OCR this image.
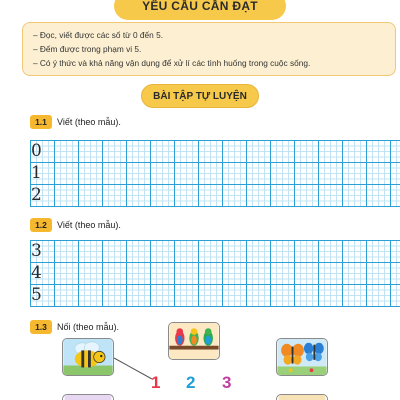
YÊU CẦU CẦN ĐẠT
– Đọc, viết được các số từ 0 đến 5.
– Đếm được trong phạm vi 5.
– Có ý thức và khả năng vận dụng để xử lí các tình huống trong cuộc sống.
BÀI TẬP TỰ LUYỆN
1.1	Viết (theo mẫu).
0
1
2
1.2	Viết (theo mẫu).
3
4
5
1.3	Nối (theo mẫu).
1 2 3
